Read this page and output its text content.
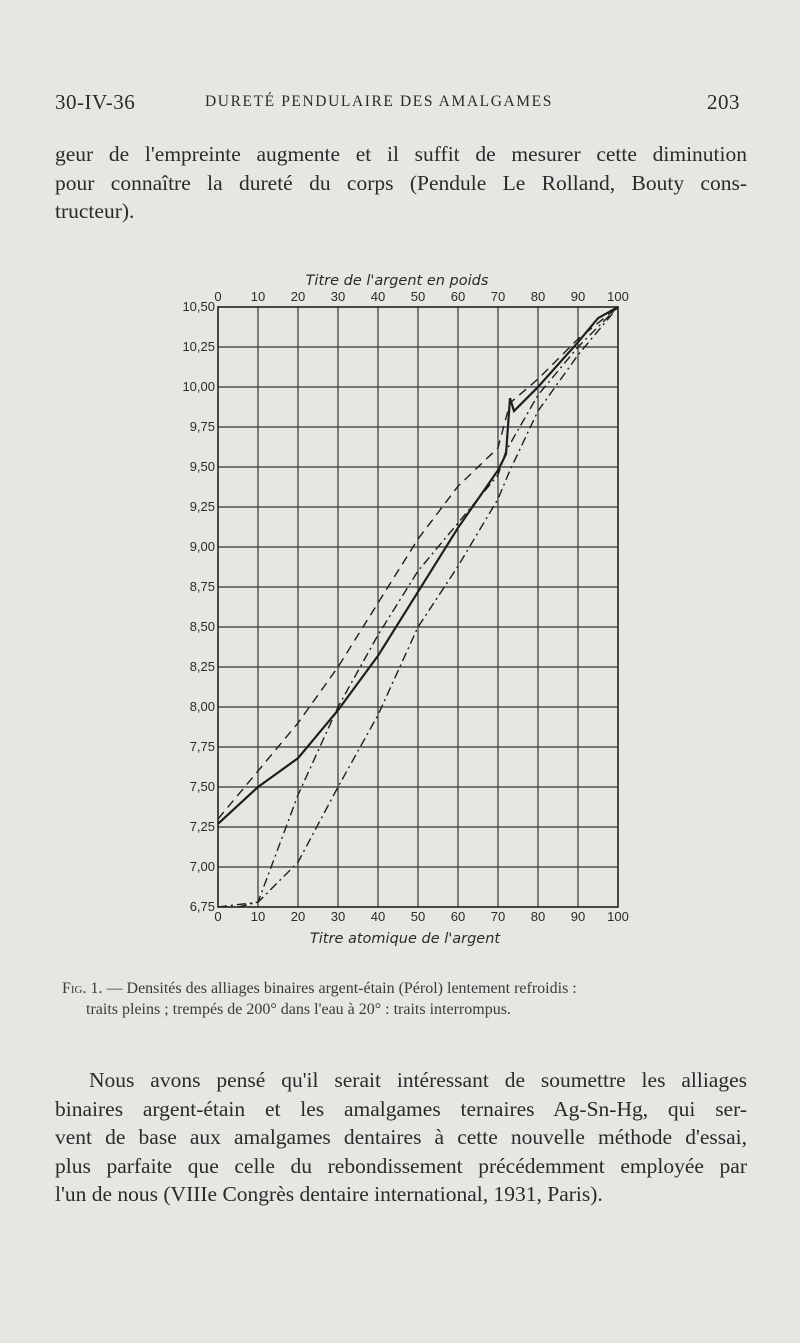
30-IV-36	DURETÉ PENDULAIRE DES AMALGAMES	203
geur de l'empreinte augmente et il suffit de mesurer cette diminution
pour connaître la dureté du corps (Pendule Le Rolland, Bouty cons-
tructeur).
6,75
7,00
7,25
7,50
7,75
8,00
8,25
8,50
8,75
9,00
9,25
9,50
9,75
10,00
10,25
10,50
0 10 20 30 40 50 60 70 80 90 100
0 10 20 30 40 50 60 70 80 90 100
Titre de l'argent en poids
Titre atomique de l'argent
Fig. 1. — Densités des alliages binaires argent-étain (Pérol) lentement refroidis :
traits pleins ; trempés de 200° dans l'eau à 20° : traits interrompus.
Nous avons pensé qu'il serait intéressant de soumettre les alliages
binaires argent-étain et les amalgames ternaires Ag-Sn-Hg, qui ser-
vent de base aux amalgames dentaires à cette nouvelle méthode d'essai,
plus parfaite que celle du rebondissement précédemment employée par
l'un de nous (VIIIe Congrès dentaire international, 1931, Paris).
